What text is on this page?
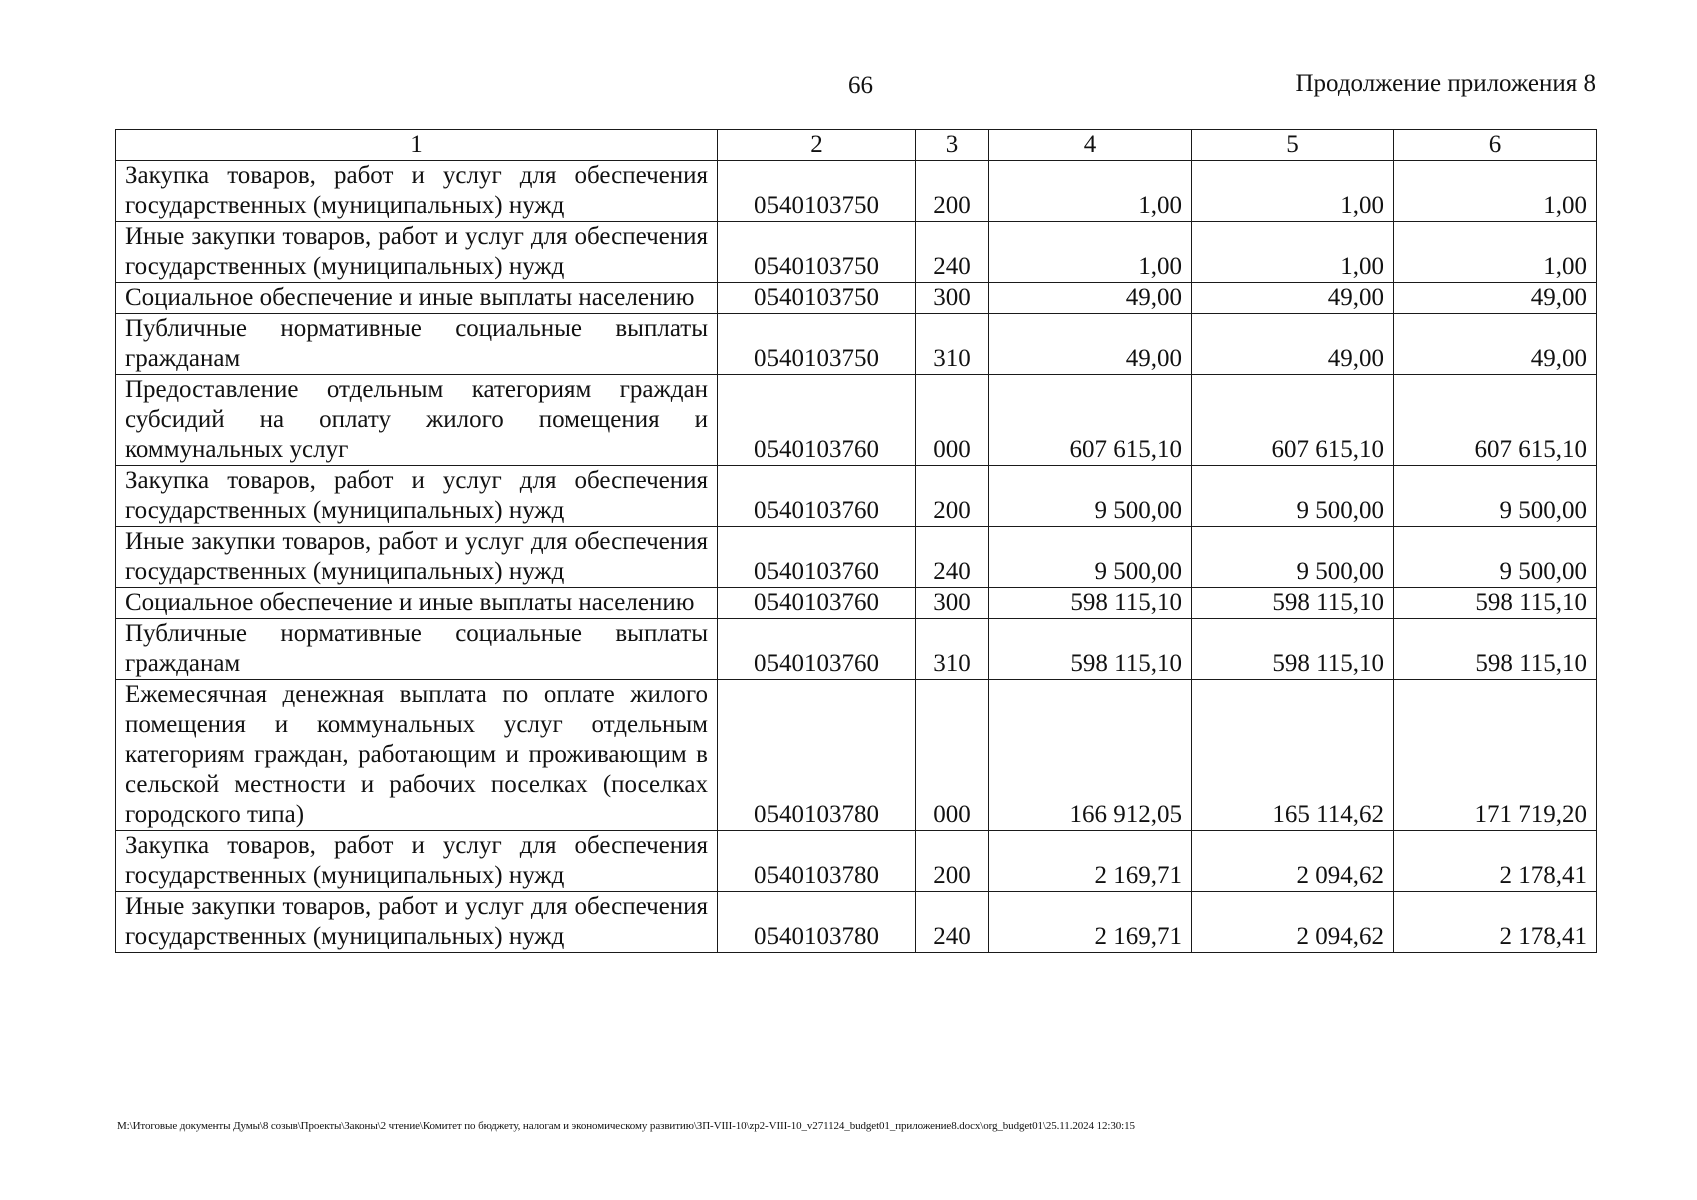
66	Продолжение приложения 8
1	2	3	4	5	6
Закупка товаров, работ и услуг для обеспечения государственных (муниципальных) нужд	0540103750	200	1,00	1,00	1,00
Иные закупки товаров, работ и услуг для обеспечения государственных (муниципальных) нужд	0540103750	240	1,00	1,00	1,00
Социальное обеспечение и иные выплаты населению	0540103750	300	49,00	49,00	49,00
Публичные нормативные социальные выплаты гражданам	0540103750	310	49,00	49,00	49,00
Предоставление отдельным категориям граждан субсидий на оплату жилого помещения и коммунальных услуг	0540103760	000	607 615,10	607 615,10	607 615,10
Закупка товаров, работ и услуг для обеспечения государственных (муниципальных) нужд	0540103760	200	9 500,00	9 500,00	9 500,00
Иные закупки товаров, работ и услуг для обеспечения государственных (муниципальных) нужд	0540103760	240	9 500,00	9 500,00	9 500,00
Социальное обеспечение и иные выплаты населению	0540103760	300	598 115,10	598 115,10	598 115,10
Публичные нормативные социальные выплаты гражданам	0540103760	310	598 115,10	598 115,10	598 115,10
Ежемесячная денежная выплата по оплате жилого помещения и коммунальных услуг отдельным категориям граждан, работающим и проживающим в сельской местности и рабочих поселках (поселках городского типа)	0540103780	000	166 912,05	165 114,62	171 719,20
Закупка товаров, работ и услуг для обеспечения государственных (муниципальных) нужд	0540103780	200	2 169,71	2 094,62	2 178,41
Иные закупки товаров, работ и услуг для обеспечения государственных (муниципальных) нужд	0540103780	240	2 169,71	2 094,62	2 178,41
M:\Итоговые документы Думы\8 созыв\Проекты\Законы\2 чтение\Комитет по бюджету, налогам и экономическому развитию\ЗП-VIII-10\zp2-VIII-10_v271124_budget01_приложение8.docx\org_budget01\25.11.2024 12:30:15
